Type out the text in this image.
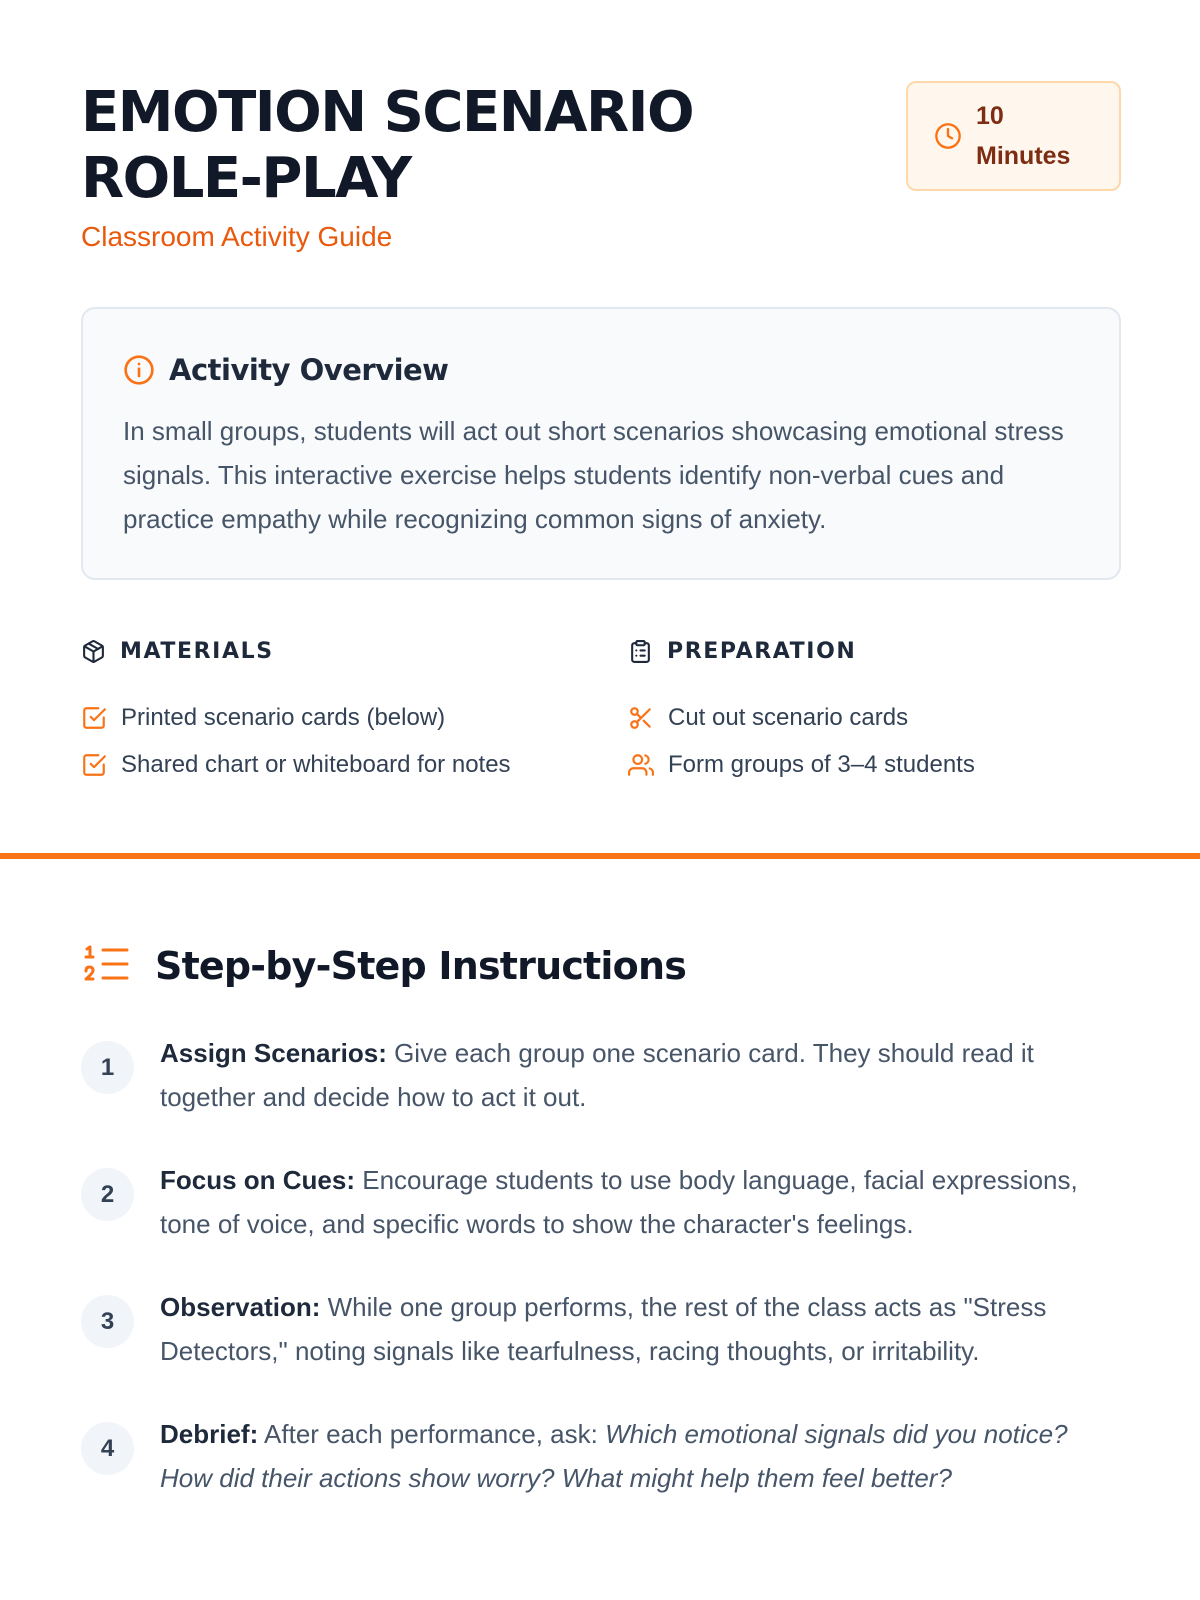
EMOTION SCENARIO ROLE-PLAY
Classroom Activity Guide
10
Minutes
Activity Overview

In small groups, students will act out short scenarios showcasing emotional stress signals. This interactive exercise helps students identify non-verbal cues and practice empathy while recognizing common signs of anxiety.

MATERIALS
Printed scenario cards (below)
Shared chart or whiteboard for notes
PREPARATION
Cut out scenario cards
Form groups of 3–4 students
Step-by-Step Instructions
1	Assign Scenarios: Give each group one scenario card. They should read it together and decide how to act it out.

2	Focus on Cues: Encourage students to use body language, facial expressions, tone of voice, and specific words to show the character's feelings.

3	Observation: While one group performs, the rest of the class acts as "Stress Detectors," noting signals like tearfulness, racing thoughts, or irritability.

4	Debrief: After each performance, ask: Which emotional signals did you notice? How did their actions show worry? What might help them feel better?
